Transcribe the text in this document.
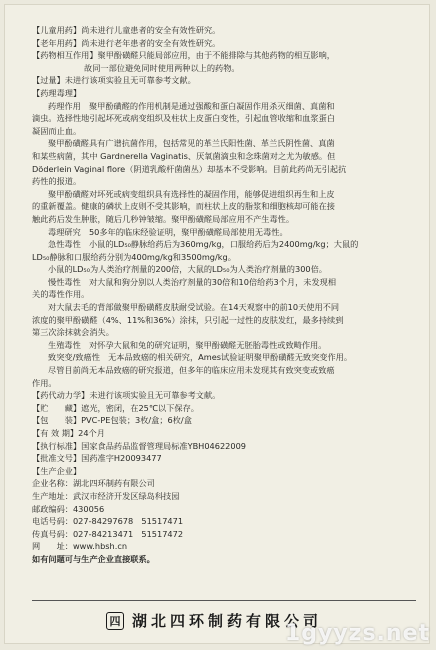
【儿童用药】尚未进行儿童患者的安全有效性研究。

【老年用药】尚未进行老年患者的安全有效性研究。

【药物相互作用】聚甲酚磺醛只能局部应用，由于不能排除与其他药物的相互影响，

故同一部位避免同时使用两种以上的药物。

【过量】未进行该项实验且无可靠参考文献。

【药理毒理】

药理作用　聚甲酚磺醛的作用机制是通过强酸和蛋白凝固作用杀灭细菌、真菌和

滴虫。选择性地引起坏死或病变组织及柱状上皮蛋白变性，引起血管收缩和血浆蛋白

凝固而止血。

聚甲酚磺醛具有广谱抗菌作用，包括常见的革兰氏阳性菌、革兰氏阴性菌、真菌

和某些病菌，其中 Gardnerella Vaginatis、厌氧菌滴虫和念珠菌对之尤为敏感。但

Döderlein Vaginal flore（阴道乳酸杆菌菌丛）却基本不受影响。目前此药尚无引起抗

药性的报道。

聚甲酚磺醛对坏死或病变组织具有选择性的凝固作用，能够促进组织再生和上皮

的重新覆盖。健康的磷状上皮则不受其影响，而柱状上皮的脂浆和细胞核却可能在接

触此药后发生肿胀，随后几秒钟皱缩。聚甲酚磺醛局部应用不产生毒性。

毒理研究　50多年的临床经验证明，聚甲酚磺醛局部使用无毒性。

急性毒性　小鼠的LD₅₀静脉给药后为360mg/kg，口服给药后为2400mg/kg；大鼠的

LD₅₀静脉和口服给药分别为400mg/kg和3500mg/kg。

小鼠的LD₅₀为人类治疗剂量的200倍，大鼠的LD₅₀为人类治疗剂量的300倍。

慢性毒性　对大鼠和狗分别以人类治疗剂量的30倍和10倍给药3个月，未发现相

关的毒性作用。

对大鼠去毛的背部做聚甲酚磺醛皮肤耐受试验。在14天观察中的前10天使用不同

浓度的聚甲酚磺醛（4%、11%和36%）涂抹，只引起一过性的皮肤发红，最多持续到

第三次涂抹就会消失。

生殖毒性　对怀孕大鼠和兔的研究证明，聚甲酚磺醛无胚胎毒性或致畸作用。

致突变/致癌性　无本品致癌的相关研究，Ames试验证明聚甲酚磺醛无致突变作用。

尽管目前尚无本品致癌的研究报道，但多年的临床应用未发现其有致突变或致癌

作用。

【药代动力学】未进行该项实验且无可靠参考文献。

【贮　　藏】遮光，密闭，在25℃以下保存。

【包　　装】PVC-PE包装；3枚/盒；6枚/盒

【有 效 期】24个月

【执行标准】国家食品药品监督管理局标准YBH04622009

【批准文号】国药准字H20093477

【生产企业】

企业名称：湖北四环制药有限公司

生产地址：武汉市经济开发区绿岛科技园

邮政编码：430056

电话号码：027-84297678　51517471

传真号码：027-84213471　51517472

网　　址：www.hbsh.cn

如有问题可与生产企业直接联系。

四 湖北四环制药有限公司
1gyyzs.net
